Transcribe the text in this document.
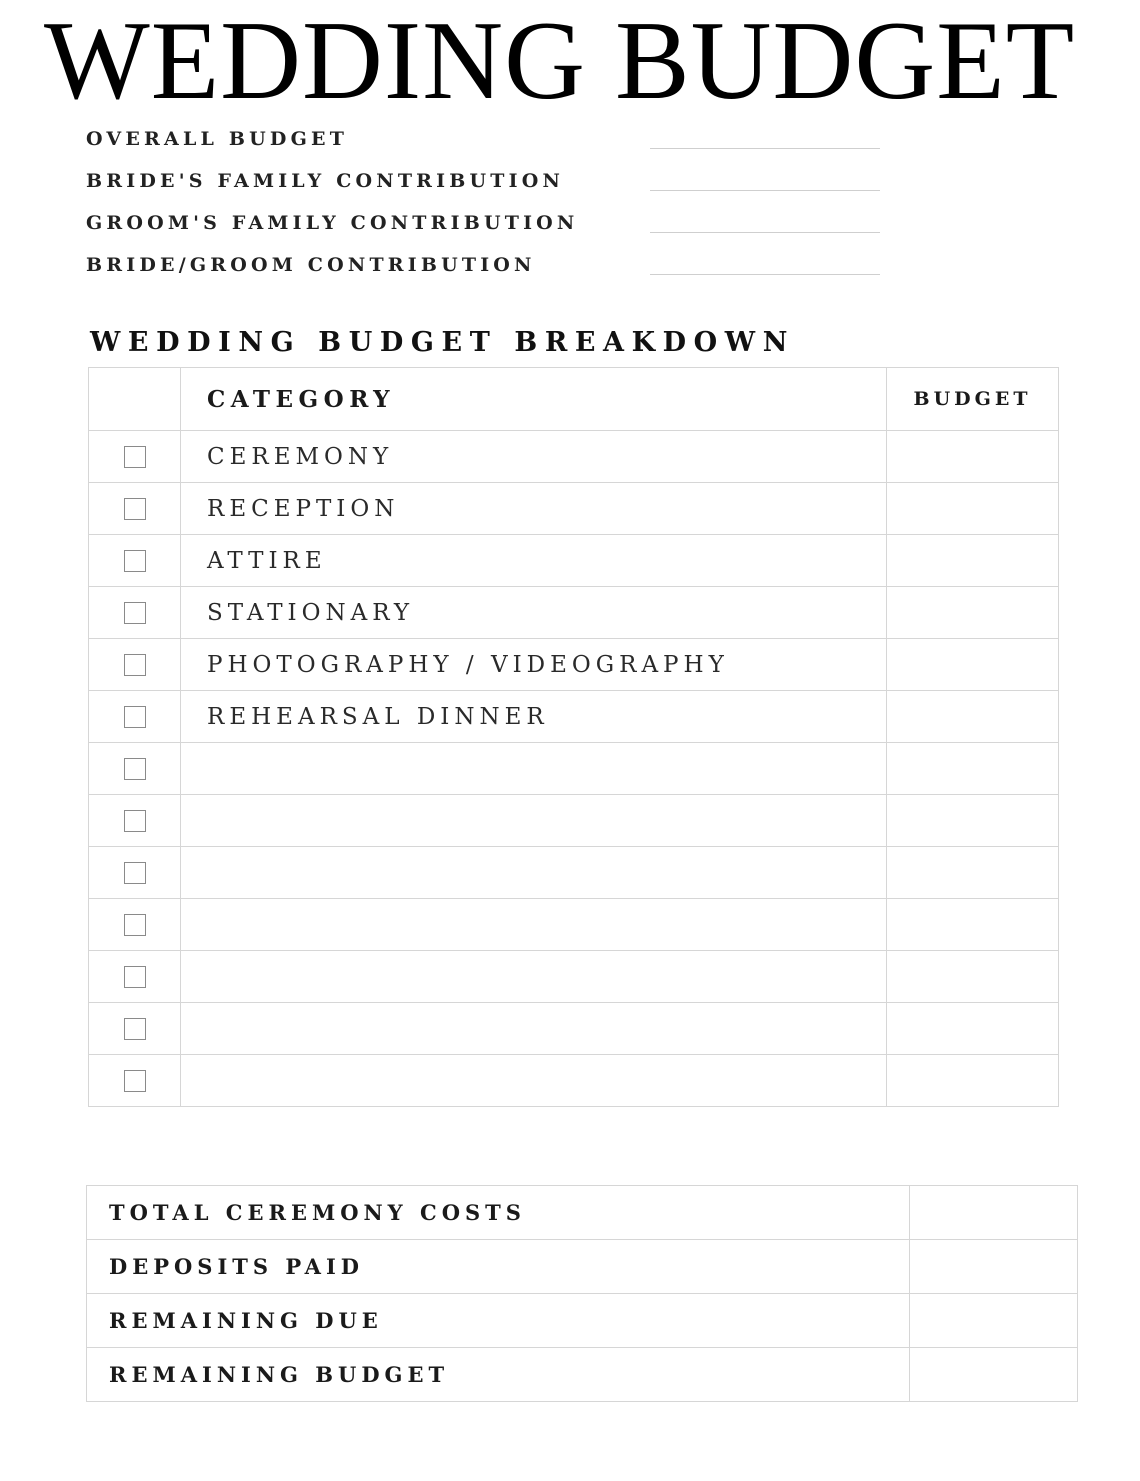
WEDDING BUDGET
OVERALL BUDGET
BRIDE'S FAMILY CONTRIBUTION
GROOM'S FAMILY CONTRIBUTION
BRIDE/GROOM CONTRIBUTION
WEDDING BUDGET BREAKDOWN
	CATEGORY	BUDGET

	CEREMONY	

	RECEPTION	

	ATTIRE	

	STATIONARY	

	PHOTOGRAPHY / VIDEOGRAPHY	

	REHEARSAL DINNER	

TOTAL CEREMONY COSTS	
DEPOSITS PAID	
REMAINING DUE	
REMAINING BUDGET	
